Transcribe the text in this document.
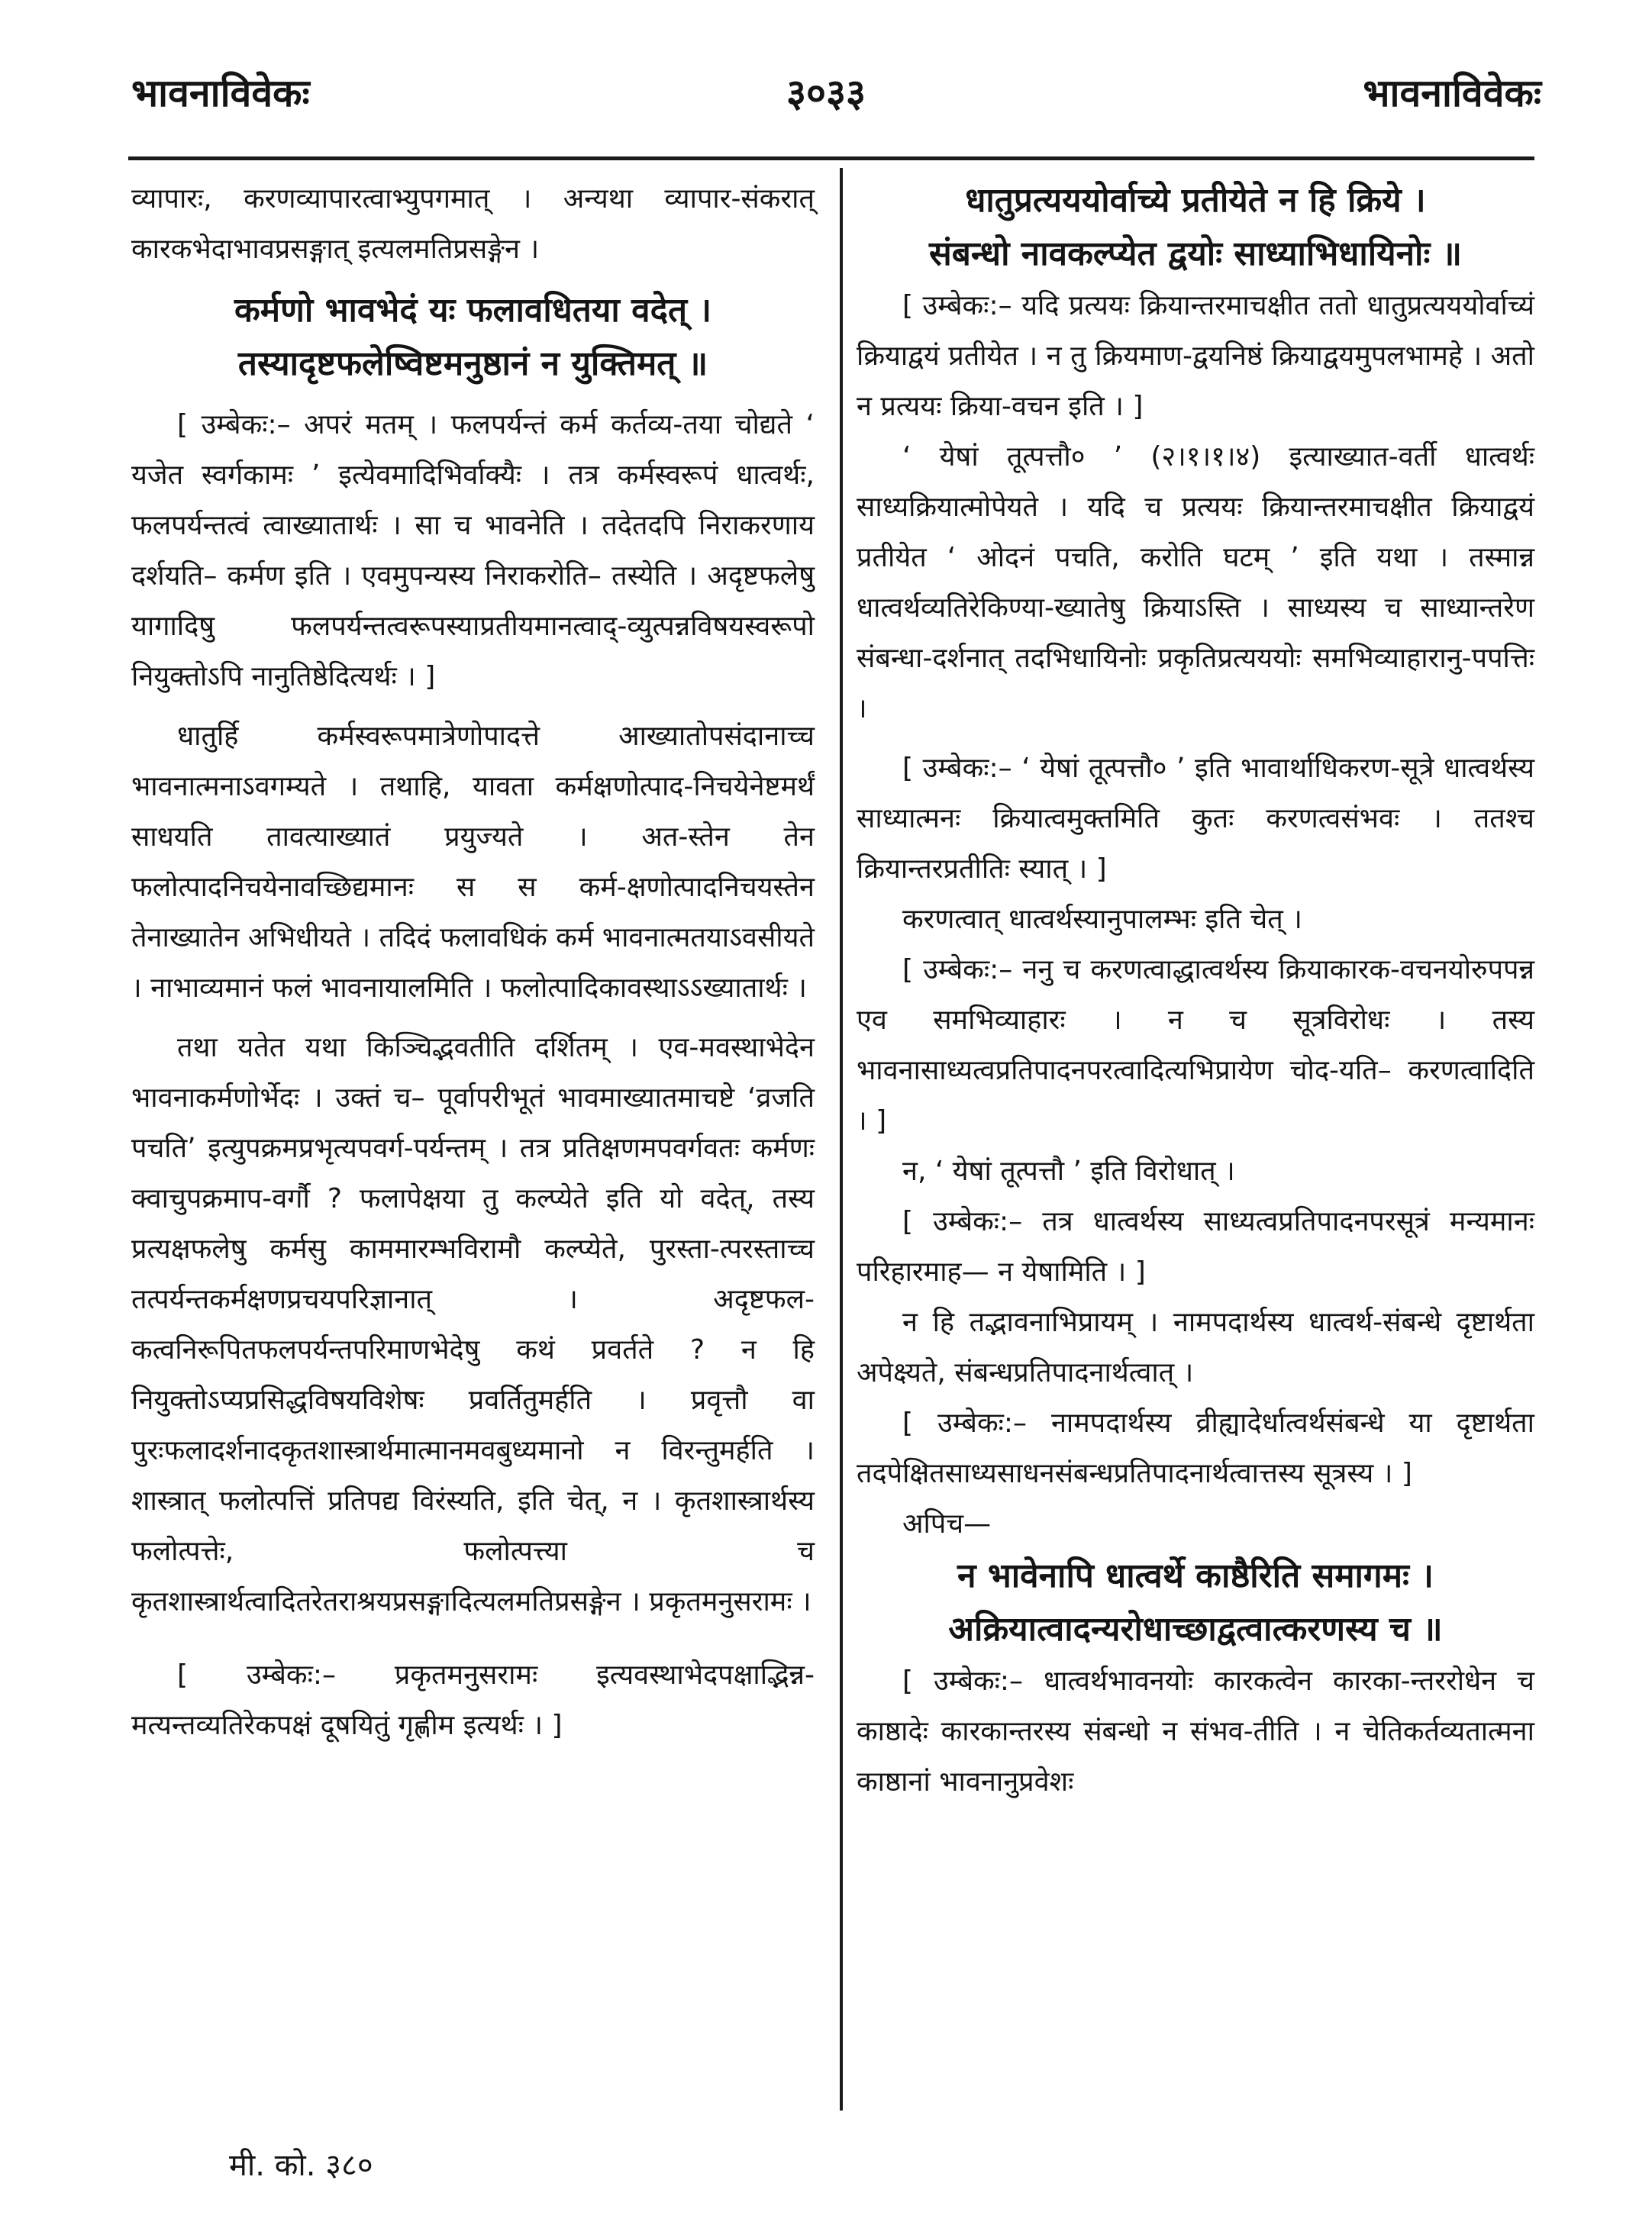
भावनाविवेकः	३०३३	भावनाविवेकः

व्यापारः, करणव्यापारत्वाभ्युपगमात् । अन्यथा व्यापार-संकरात् कारकभेदाभावप्रसङ्गात् इत्यलमतिप्रसङ्गेन ।

कर्मणो भावभेदं यः फलावधितया वदेत् ।

तस्यादृष्टफलेष्विष्टमनुष्ठानं न युक्तिमत् ॥

[ उम्बेकः:– अपरं मतम् । फलपर्यन्तं कर्म कर्तव्य-तया चोद्यते ‘ यजेत स्वर्गकामः ’ इत्येवमादिभिर्वाक्यैः । तत्र कर्मस्वरूपं धात्वर्थः, फलपर्यन्तत्वं त्वाख्यातार्थः । सा च भावनेति । तदेतदपि निराकरणाय दर्शयति– कर्मण इति । एवमुपन्यस्य निराकरोति– तस्येति । अदृष्टफलेषु यागादिषु फलपर्यन्तत्वरूपस्याप्रतीयमानत्वाद्-व्युत्पन्नविषयस्वरूपो नियुक्तोऽपि नानुतिष्ठेदित्यर्थः । ]

धातुर्हि कर्मस्वरूपमात्रेणोपादत्ते आख्यातोपसंदानाच्च भावनात्मनाऽवगम्यते । तथाहि, यावता कर्मक्षणोत्पाद-निचयेनेष्टमर्थं साधयति तावत्याख्यातं प्रयुज्यते । अत-स्तेन तेन फलोत्पादनिचयेनावच्छिद्यमानः स स कर्म-क्षणोत्पादनिचयस्तेन तेनाख्यातेन अभिधीयते । तदिदं फलावधिकं कर्म भावनात्मतयाऽवसीयते । नाभाव्यमानं फलं भावनायालमिति । फलोत्पादिकावस्थाऽऽख्यातार्थः ।

तथा यतेत यथा किञ्चिद्भवतीति दर्शितम् । एव-मवस्थाभेदेन भावनाकर्मणोर्भेदः । उक्तं च– पूर्वापरीभूतं भावमाख्यातमाचष्टे ‘व्रजति पचति’ इत्युपक्रमप्रभृत्यपवर्ग-पर्यन्तम् । तत्र प्रतिक्षणमपवर्गवतः कर्मणः क्वाचुपक्रमाप-वर्गौ ? फलापेक्षया तु कल्प्येते इति यो वदेत्, तस्य प्रत्यक्षफलेषु कर्मसु काममारम्भविरामौ कल्प्येते, पुरस्ता-त्परस्ताच्च तत्पर्यन्तकर्मक्षणप्रचयपरिज्ञानात् । अदृष्टफल-कत्वनिरूपितफलपर्यन्तपरिमाणभेदेषु कथं प्रवर्तते ? न हि नियुक्तोऽप्यप्रसिद्धविषयविशेषः प्रवर्तितुमर्हति । प्रवृत्तौ वा पुरःफलादर्शनादकृतशास्त्रार्थमात्मानमवबुध्यमानो न विरन्तुमर्हति । शास्त्रात् फलोत्पत्तिं प्रतिपद्य विरंस्यति, इति चेत्, न । कृतशास्त्रार्थस्य फलोत्पत्तेः, फलोत्पत्त्या च कृतशास्त्रार्थत्वादितरेतराश्रयप्रसङ्गादित्यलमतिप्रसङ्गेन । प्रकृतमनुसरामः ।

[ उम्बेकः:– प्रकृतमनुसरामः इत्यवस्थाभेदपक्षाद्भिन्न-मत्यन्तव्यतिरेकपक्षं दूषयितुं गृह्णीम इत्यर्थः । ]

धातुप्रत्यययोर्वाच्ये प्रतीयेते न हि क्रिये ।

संबन्धो नावकल्प्येत द्वयोः साध्याभिधायिनोः ॥

[ उम्बेकः:– यदि प्रत्ययः क्रियान्तरमाचक्षीत ततो धातुप्रत्यययोर्वाच्यं क्रियाद्वयं प्रतीयेत । न तु क्रियमाण-द्वयनिष्ठं क्रियाद्वयमुपलभामहे । अतो न प्रत्ययः क्रिया-वचन इति । ]

‘ येषां तूत्पत्तौ० ’ (२।१।१।४) इत्याख्यात-वर्ती धात्वर्थः साध्यक्रियात्मोपेयते । यदि च प्रत्ययः क्रियान्तरमाचक्षीत क्रियाद्वयं प्रतीयेत ‘ ओदनं पचति, करोति घटम् ’ इति यथा । तस्मान्न धात्वर्थव्यतिरेकिण्या-ख्यातेषु क्रियाऽस्ति । साध्यस्य च साध्यान्तरेण संबन्धा-दर्शनात् तदभिधायिनोः प्रकृतिप्रत्यययोः समभिव्याहारानु-पपत्तिः ।

[ उम्बेकः:– ‘ येषां तूत्पत्तौ० ’ इति भावार्थाधिकरण-सूत्रे धात्वर्थस्य साध्यात्मनः क्रियात्वमुक्तमिति कुतः करणत्वसंभवः । ततश्च क्रियान्तरप्रतीतिः स्यात् । ]

करणत्वात् धात्वर्थस्यानुपालम्भः इति चेत् ।

[ उम्बेकः:– ननु च करणत्वाद्धात्वर्थस्य क्रियाकारक-वचनयोरुपपन्न एव समभिव्याहारः । न च सूत्रविरोधः । तस्य भावनासाध्यत्वप्रतिपादनपरत्वादित्यभिप्रायेण चोद-यति– करणत्वादिति । ]

न, ‘ येषां तूत्पत्तौ ’ इति विरोधात् ।

[ उम्बेकः:– तत्र धात्वर्थस्य साध्यत्वप्रतिपादनपरसूत्रं मन्यमानः परिहारमाह— न येषामिति । ]

न हि तद्भावनाभिप्रायम् । नामपदार्थस्य धात्वर्थ-संबन्धे दृष्टार्थता अपेक्ष्यते, संबन्धप्रतिपादनार्थत्वात् ।

[ उम्बेकः:– नामपदार्थस्य व्रीह्यादेर्धात्वर्थसंबन्धे या दृष्टार्थता तदपेक्षितसाध्यसाधनसंबन्धप्रतिपादनार्थत्वात्तस्य सूत्रस्य । ]

अपिच—

न भावेनापि धात्वर्थे काष्ठैरिति समागमः ।

अक्रियात्वादन्यरोधाच्छाद्वत्वात्करणस्य च ॥

[ उम्बेकः:– धात्वर्थभावनयोः कारकत्वेन कारका-न्तररोधेन च काष्ठादेः कारकान्तरस्य संबन्धो न संभव-तीति । न चेतिकर्तव्यतात्मना काष्ठानां भावनानुप्रवेशः

मी. को. ३८०
